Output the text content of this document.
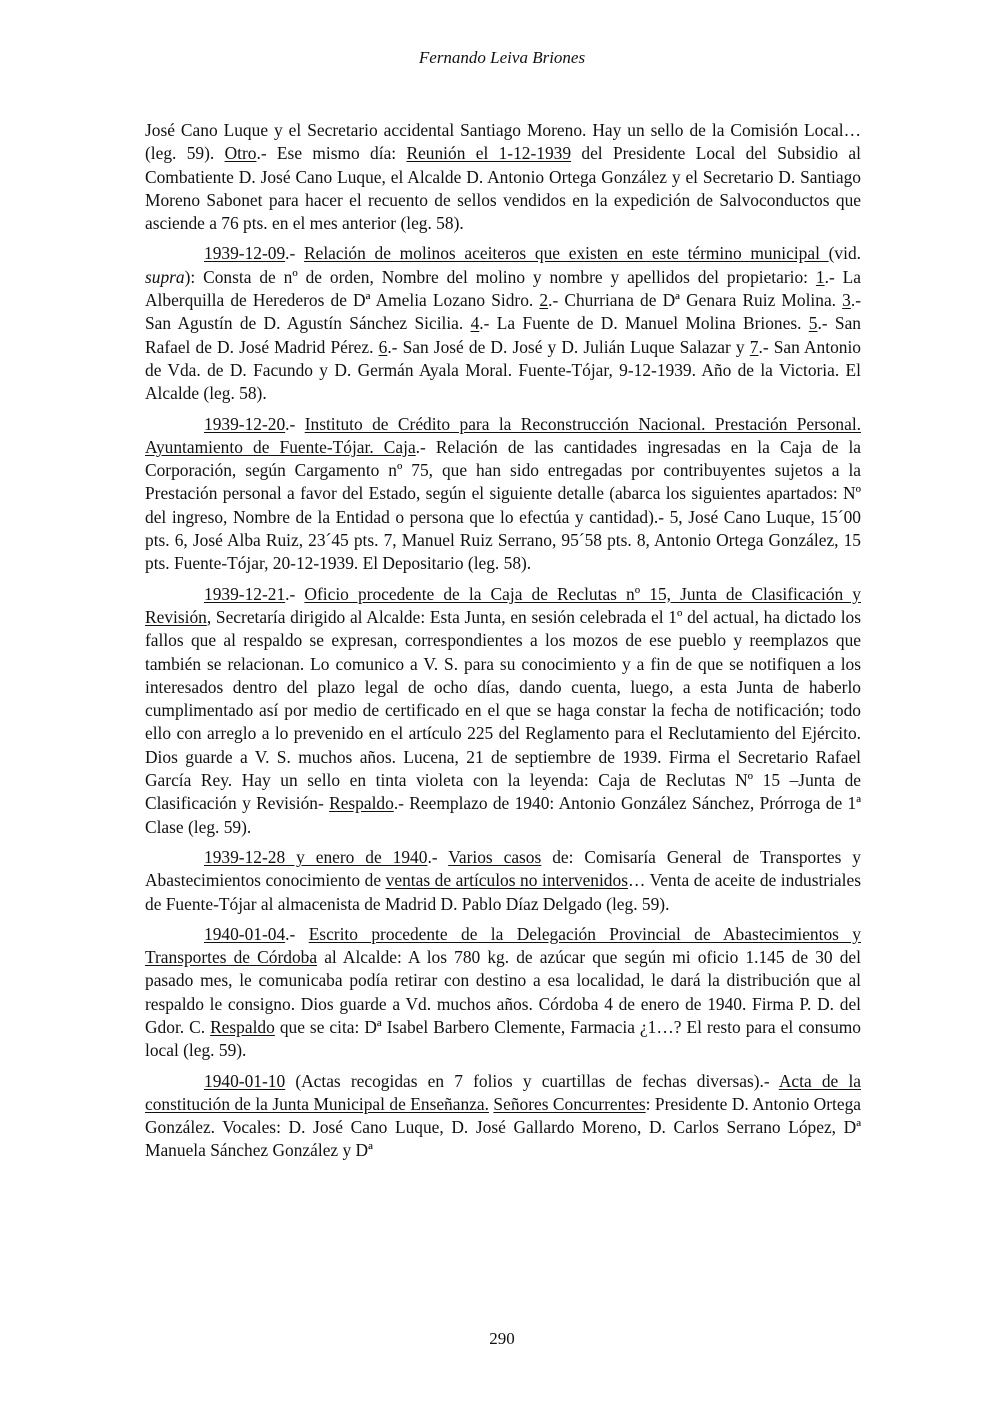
Fernando Leiva Briones

José Cano Luque y el Secretario accidental Santiago Moreno. Hay un sello de la Comisión Local… (leg. 59). Otro.- Ese mismo día: Reunión el 1-12-1939 del Presidente Local del Subsidio al Combatiente D. José Cano Luque, el Alcalde D. Antonio Ortega González y el Secretario D. Santiago Moreno Sabonet para hacer el recuento de sellos vendidos en la expedición de Salvoconductos que asciende a 76 pts. en el mes anterior (leg. 58).

1939-12-09.- Relación de molinos aceiteros que existen en este término municipal (vid. supra): Consta de nº de orden, Nombre del molino y nombre y apellidos del propietario: 1.- La Alberquilla de Herederos de Dª Amelia Lozano Sidro. 2.- Churriana de Dª Genara Ruiz Molina. 3.- San Agustín de D. Agustín Sánchez Sicilia. 4.- La Fuente de D. Manuel Molina Briones. 5.- San Rafael de D. José Madrid Pérez. 6.- San José de D. José y D. Julián Luque Salazar y 7.- San Antonio de Vda. de D. Facundo y D. Germán Ayala Moral. Fuente-Tójar, 9-12-1939. Año de la Victoria. El Alcalde (leg. 58).

1939-12-20.- Instituto de Crédito para la Reconstrucción Nacional. Prestación Personal. Ayuntamiento de Fuente-Tójar. Caja.- Relación de las cantidades ingresadas en la Caja de la Corporación, según Cargamento nº 75, que han sido entregadas por contribuyentes sujetos a la Prestación personal a favor del Estado, según el siguiente detalle (abarca los siguientes apartados: Nº del ingreso, Nombre de la Entidad o persona que lo efectúa y cantidad).- 5, José Cano Luque, 15´00 pts. 6, José Alba Ruiz, 23´45 pts. 7, Manuel Ruiz Serrano, 95´58 pts. 8, Antonio Ortega González, 15 pts. Fuente-Tójar, 20-12-1939. El Depositario (leg. 58).

1939-12-21.- Oficio procedente de la Caja de Reclutas nº 15, Junta de Clasificación y Revisión, Secretaría dirigido al Alcalde: Esta Junta, en sesión celebrada el 1º del actual, ha dictado los fallos que al respaldo se expresan, correspondientes a los mozos de ese pueblo y reemplazos que también se relacionan. Lo comunico a V. S. para su conocimiento y a fin de que se notifiquen a los interesados dentro del plazo legal de ocho días, dando cuenta, luego, a esta Junta de haberlo cumplimentado así por medio de certificado en el que se haga constar la fecha de notificación; todo ello con arreglo a lo prevenido en el artículo 225 del Reglamento para el Reclutamiento del Ejército. Dios guarde a V. S. muchos años. Lucena, 21 de septiembre de 1939. Firma el Secretario Rafael García Rey. Hay un sello en tinta violeta con la leyenda: Caja de Reclutas Nº 15 –Junta de Clasificación y Revisión- Respaldo.- Reemplazo de 1940: Antonio González Sánchez, Prórroga de 1ª Clase (leg. 59).

1939-12-28 y enero de 1940.- Varios casos de: Comisaría General de Transportes y Abastecimientos conocimiento de ventas de artículos no intervenidos… Venta de aceite de industriales de Fuente-Tójar al almacenista de Madrid D. Pablo Díaz Delgado (leg. 59).

1940-01-04.- Escrito procedente de la Delegación Provincial de Abastecimientos y Transportes de Córdoba al Alcalde: A los 780 kg. de azúcar que según mi oficio 1.145 de 30 del pasado mes, le comunicaba podía retirar con destino a esa localidad, le dará la distribución que al respaldo le consigno. Dios guarde a Vd. muchos años. Córdoba 4 de enero de 1940. Firma P. D. del Gdor. C. Respaldo que se cita: Dª Isabel Barbero Clemente, Farmacia ¿1…? El resto para el consumo local (leg. 59).

1940-01-10 (Actas recogidas en 7 folios y cuartillas de fechas diversas).- Acta de la constitución de la Junta Municipal de Enseñanza. Señores Concurrentes: Presidente D. Antonio Ortega González. Vocales: D. José Cano Luque, D. José Gallardo Moreno, D. Carlos Serrano López, Dª Manuela Sánchez González y Dª

290
